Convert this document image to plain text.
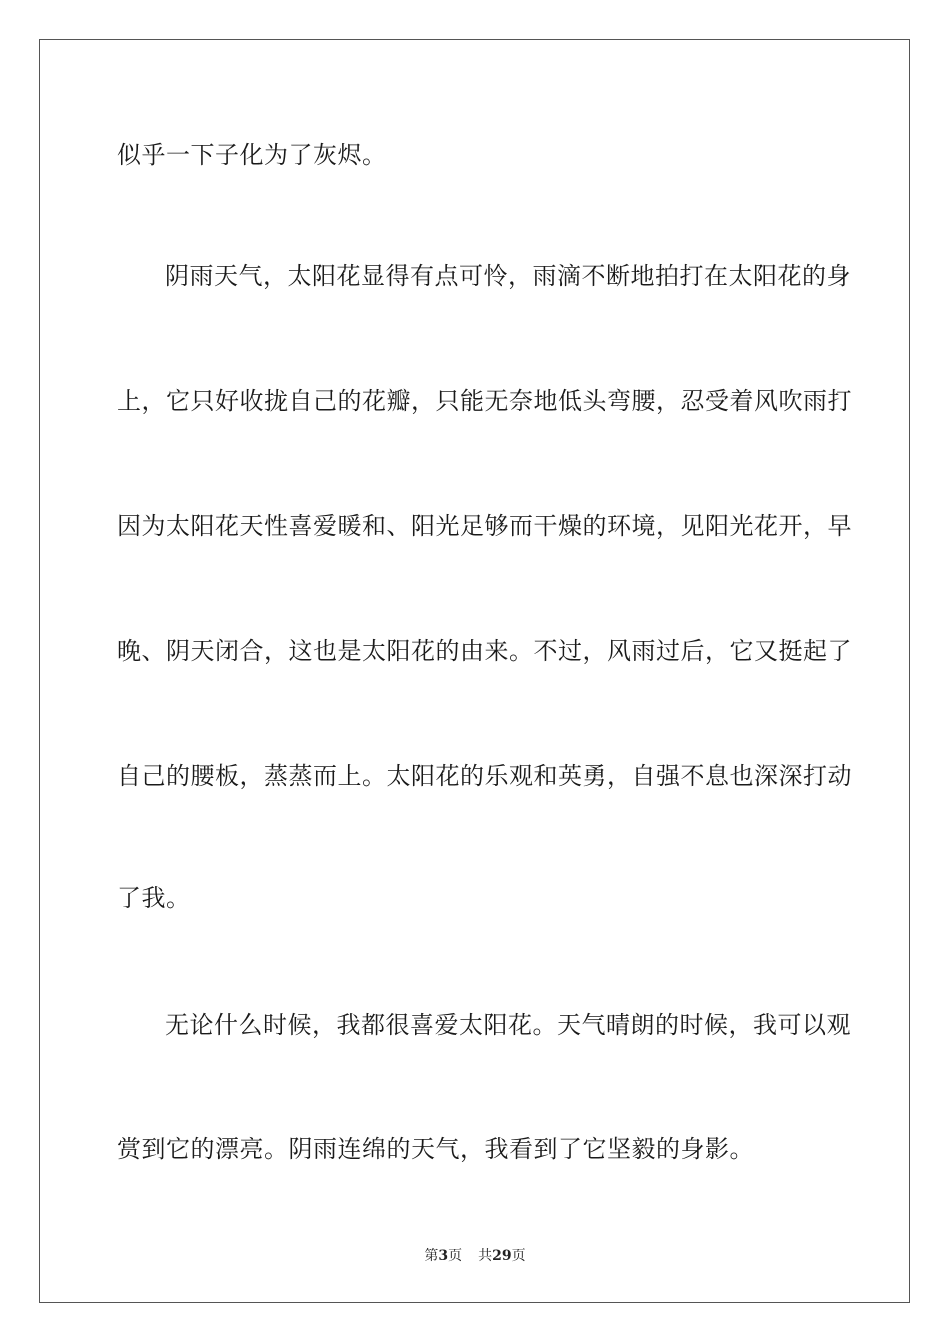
似乎一下子化为了灰烬。
阴雨天气，太阳花显得有点可怜，雨滴不断地拍打在太阳花的身
上，它只好收拢自己的花瓣，只能无奈地低头弯腰，忍受着风吹雨打
因为太阳花天性喜爱暖和、阳光足够而干燥的环境，见阳光花开，早
晚、阴天闭合，这也是太阳花的由来。不过，风雨过后，它又挺起了
自己的腰板，蒸蒸而上。太阳花的乐观和英勇，自强不息也深深打动
了我。
无论什么时候，我都很喜爱太阳花。天气晴朗的时候，我可以观
赏到它的漂亮。阴雨连绵的天气，我看到了它坚毅的身影。
第3页 共29页
